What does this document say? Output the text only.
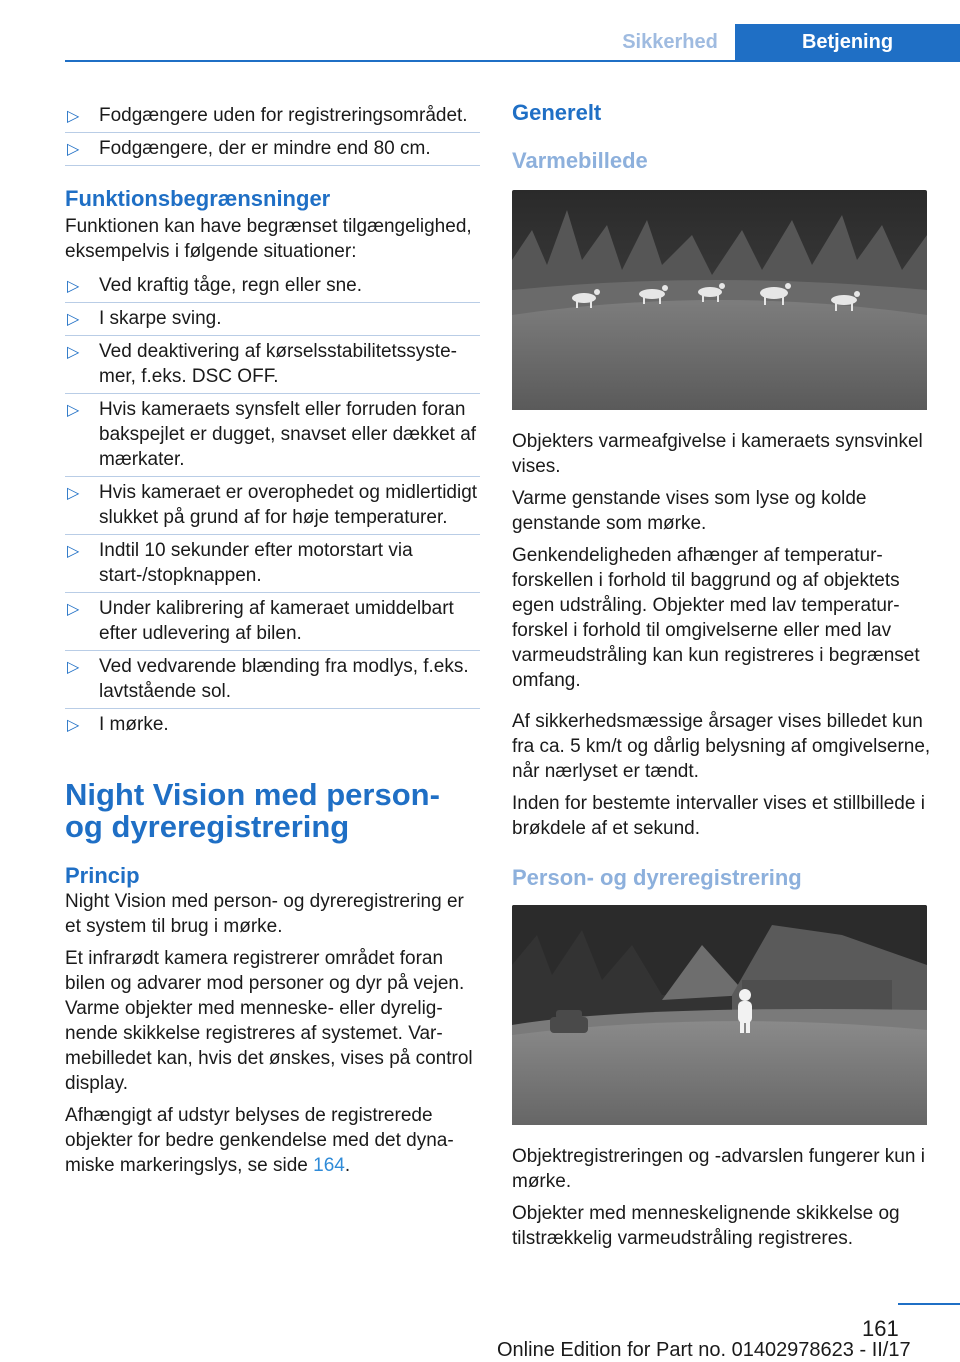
Sikkerhed	Betjening
▷ Fodgængere uden for registreringsområdet.
▷ Fodgængere, der er mindre end 80 cm.
Funktionsbegrænsninger

Funktionen kan have begrænset tilgængelighed, eksempelvis i følgende situationer:

▷ Ved kraftig tåge, regn eller sne.
▷ I skarpe sving.
▷ Ved deaktivering af kørselsstabilitetssystemer, f.eks. DSC OFF.
▷ Hvis kameraets synsfelt eller forruden foran bakspejlet er dugget, snavset eller dækket af mærkater.
▷ Hvis kameraet er overophedet og midlertidigt slukket på grund af for høje temperaturer.
▷ Indtil 10 sekunder efter motorstart via start-/stopknappen.
▷ Under kalibrering af kameraet umiddelbart efter udlevering af bilen.
▷ Ved vedvarende blænding fra modlys, f.eks. lavtstående sol.
▷ I mørke.
Night Vision med person- og dyreregistrering
Princip

Night Vision med person- og dyreregistrering er et system til brug i mørke.

Et infrarødt kamera registrerer området foran bilen og advarer mod personer og dyr på vejen. Varme objekter med menneske- eller dyrelignende skikkelse registreres af systemet. Varmebilledet kan, hvis det ønskes, vises på control display.

Afhængigt af udstyr belyses de registrerede objekter for bedre genkendelse med det dynamiske markeringslys, se side 164.

Generelt
Varmebillede

Objekters varmeafgivelse i kameraets synsvinkel vises.

Varme genstande vises som lyse og kolde genstande som mørke.

Genkendeligheden afhænger af temperaturforskellen i forhold til baggrund og af objektets egen udstråling. Objekter med lav temperaturforskel i forhold til omgivelserne eller med lav varmeudstråling kan kun registreres i begrænset omfang.

Af sikkerhedsmæssige årsager vises billedet kun fra ca. 5 km/t og dårlig belysning af omgivelserne, når nærlyset er tændt.

Inden for bestemte intervaller vises et stillbillede i brøkdele af et sekund.

Person- og dyreregistrering

Objektregistreringen og -advarslen fungerer kun i mørke.

Objekter med menneskelignende skikkelse og tilstrækkelig varmeudstråling registreres.

161
Online Edition for Part no. 01402978623 - II/17
